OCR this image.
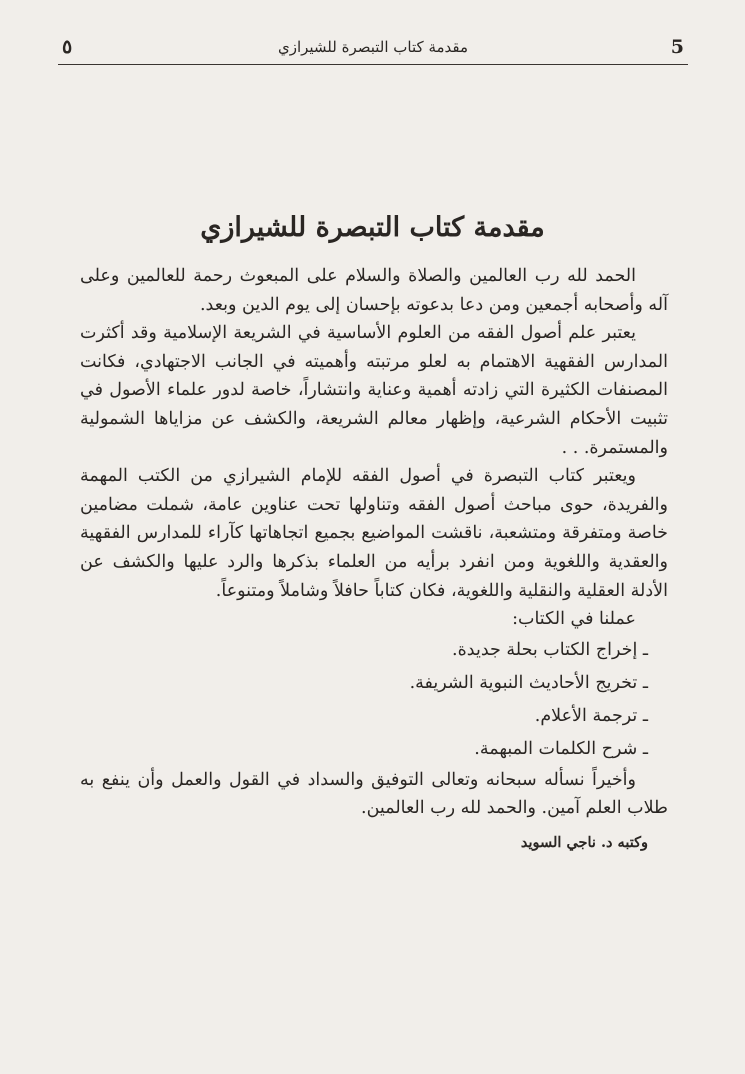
٥	مقدمة كتاب التبصرة للشيرازي	5
مقدمة كتاب التبصرة للشيرازي

الحمد لله رب العالمين والصلاة والسلام على المبعوث رحمة للعالمين وعلى آله وأصحابه أجمعين ومن دعا بدعوته بإحسان إلى يوم الدين وبعد.

يعتبر علم أصول الفقه من العلوم الأساسية في الشريعة الإسلامية وقد أكثرت المدارس الفقهية الاهتمام به لعلو مرتبته وأهميته في الجانب الاجتهادي، فكانت المصنفات الكثيرة التي زادته أهمية وعناية وانتشاراً، خاصة لدور علماء الأصول في تثبيت الأحكام الشرعية، وإظهار معالم الشريعة، والكشف عن مزاياها الشمولية والمستمرة. . .

ويعتبر كتاب التبصرة في أصول الفقه للإمام الشيرازي من الكتب المهمة والفريدة، حوى مباحث أصول الفقه وتناولها تحت عناوين عامة، شملت مضامين خاصة ومتفرقة ومتشعبة، ناقشت المواضيع بجميع اتجاهاتها كآراء للمدارس الفقهية والعقدية واللغوية ومن انفرد برأيه من العلماء بذكرها والرد عليها والكشف عن الأدلة العقلية والنقلية واللغوية، فكان كتاباً حافلاً وشاملاً ومتنوعاً.

عملنا في الكتاب:

ـ إخراج الكتاب بحلة جديدة.
ـ تخريج الأحاديث النبوية الشريفة.
ـ ترجمة الأعلام.
ـ شرح الكلمات المبهمة.

وأخيراً نسأله سبحانه وتعالى التوفيق والسداد في القول والعمل وأن ينفع به طلاب العلم آمين. والحمد لله رب العالمين.

وكتبه د. ناجي السويد
